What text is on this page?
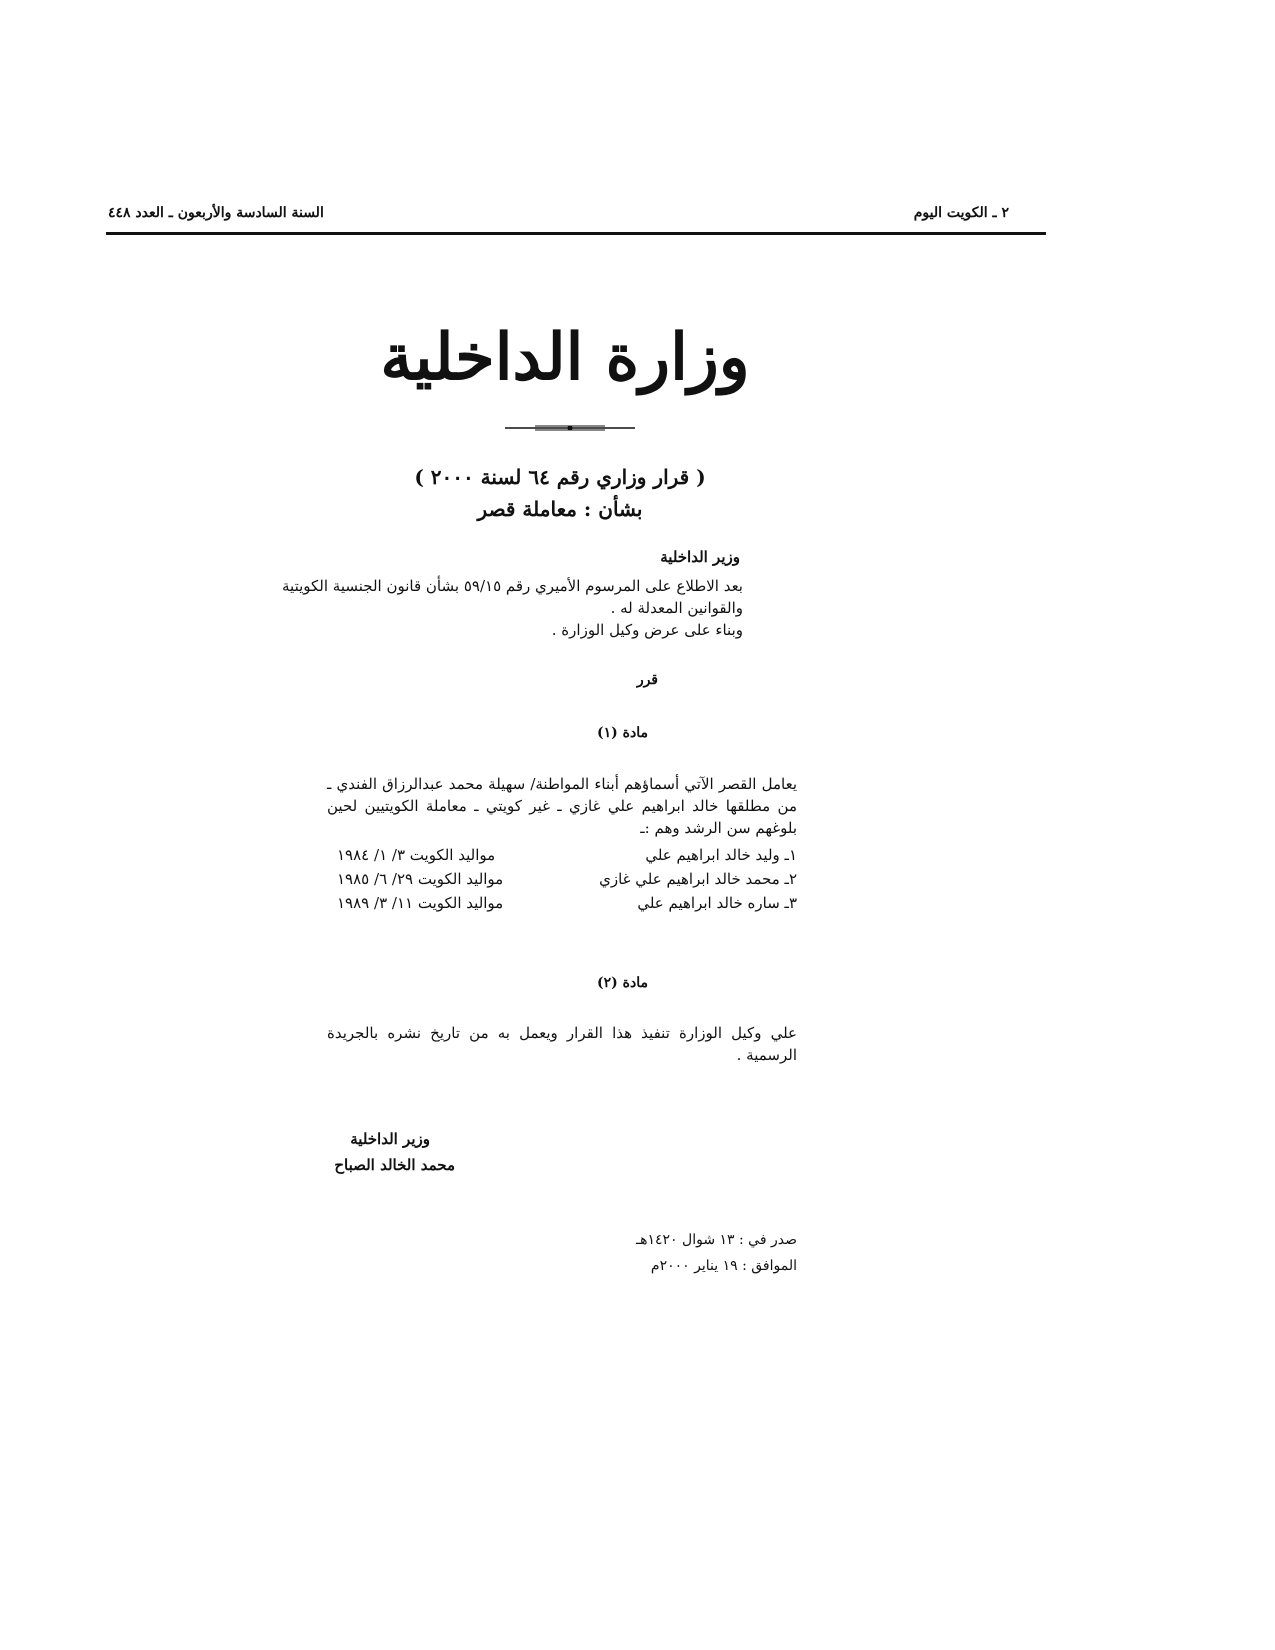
٢ ـ الكويت اليوم
السنة السادسة والأربعون ـ العدد ٤٤٨
وزارة الداخلية
( قرار وزاري رقم ٦٤ لسنة ٢٠٠٠ )
بشأن : معاملة قصر
وزير الداخلية

بعد الاطلاع على المرسوم الأميري رقم ٥٩/١٥ بشأن قانون الجنسية الكويتية والقوانين المعدلة له .

وبناء على عرض وكيل الوزارة .

قرر
مادة (١)
يعامل القصر الآتي أسماؤهم أبناء المواطنة/ سهيلة محمد عبدالرزاق الفندي ـ من مطلقها خالد ابراهيم علي غازي ـ غير كويتي ـ معاملة الكويتيين لحين بلوغهم سن الرشد وهم :ـ
١ـ وليد خالد ابراهيم علي
مواليد الكويت ٣/ ١/ ١٩٨٤
٢ـ محمد خالد ابراهيم علي غازي
مواليد الكويت ٢٩/ ٦/ ١٩٨٥
٣ـ ساره خالد ابراهيم علي
مواليد الكويت ١١/ ٣/ ١٩٨٩
مادة (٢)
علي وكيل الوزارة تنفيذ هذا القرار ويعمل به من تاريخ نشره بالجريدة الرسمية .
وزير الداخلية
محمد الخالد الصباح
صدر في : ١٣ شوال ١٤٢٠هـ
الموافق : ١٩ يناير ٢٠٠٠م
